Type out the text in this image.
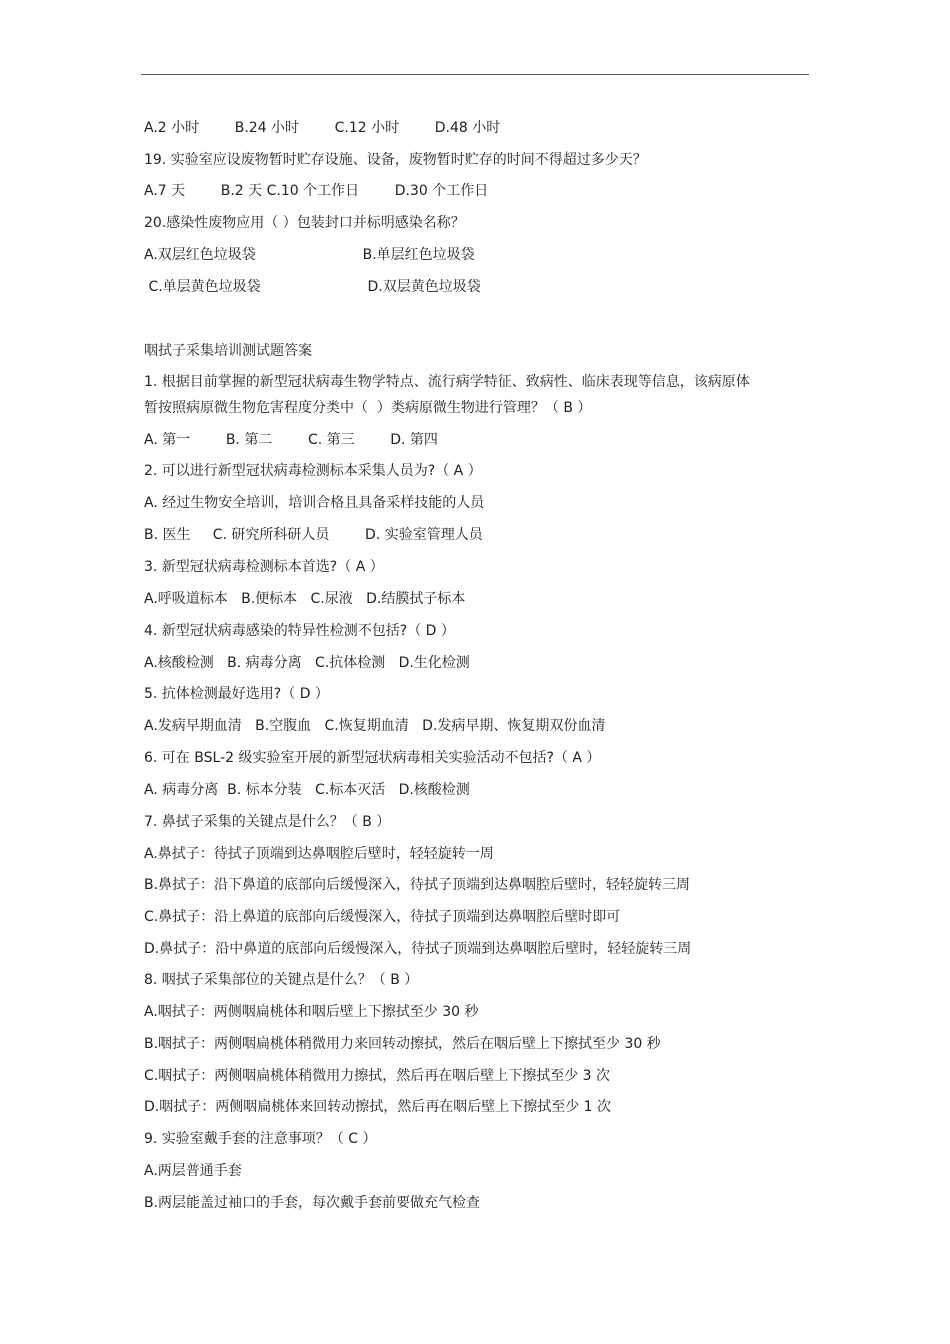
A.2 小时        B.24 小时        C.12 小时        D.48 小时

19. 实验室应设废物暂时贮存设施、设备，废物暂时贮存的时间不得超过多少天？

A.7 天        B.2 天 C.10 个工作日        D.30 个工作日

20.感染性废物应用（ ）包装封口并标明感染名称？

A.双层红色垃圾袋                        B.单层红色垃圾袋

C.单层黄色垃圾袋                        D.双层黄色垃圾袋

咽拭子采集培训测试题答案

1. 根据目前掌握的新型冠状病毒生物学特点、流行病学特征、致病性、临床表现等信息，该病原体

暂按照病原微生物危害程度分类中（  ）类病原微生物进行管理？（ B ）

A. 第一        B. 第二        C. 第三        D. 第四

2. 可以进行新型冠状病毒检测标本采集人员为?（ A ）

A. 经过生物安全培训，培训合格且具备采样技能的人员

B. 医生     C. 研究所科研人员        D. 实验室管理人员

3. 新型冠状病毒检测标本首选?（ A ）

A.呼吸道标本   B.便标本   C.尿液   D.结膜拭子标本

4. 新型冠状病毒感染的特异性检测不包括?（ D ）

A.核酸检测   B. 病毒分离   C.抗体检测   D.生化检测

5. 抗体检测最好选用?（ D ）

A.发病早期血清   B.空腹血   C.恢复期血清   D.发病早期、恢复期双份血清

6. 可在 BSL-2 级实验室开展的新型冠状病毒相关实验活动不包括?（ A ）

A. 病毒分离  B. 标本分装   C.标本灭活   D.核酸检测

7. 鼻拭子采集的关键点是什么？（ B ）

A.鼻拭子：待拭子顶端到达鼻咽腔后壁时，轻轻旋转一周

B.鼻拭子：沿下鼻道的底部向后缓慢深入，待拭子顶端到达鼻咽腔后壁时，轻轻旋转三周

C.鼻拭子：沿上鼻道的底部向后缓慢深入，待拭子顶端到达鼻咽腔后壁时即可

D.鼻拭子：沿中鼻道的底部向后缓慢深入，待拭子顶端到达鼻咽腔后壁时，轻轻旋转三周

8. 咽拭子采集部位的关键点是什么？（ B ）

A.咽拭子：两侧咽扁桃体和咽后壁上下擦拭至少 30 秒

B.咽拭子：两侧咽扁桃体稍微用力来回转动擦拭，然后在咽后壁上下擦拭至少 30 秒

C.咽拭子：两侧咽扁桃体稍微用力擦拭，然后再在咽后壁上下擦拭至少 3 次

D.咽拭子：两侧咽扁桃体来回转动擦拭，然后再在咽后壁上下擦拭至少 1 次

9. 实验室戴手套的注意事项？（ C ）

A.两层普通手套

B.两层能盖过袖口的手套，每次戴手套前要做充气检查
